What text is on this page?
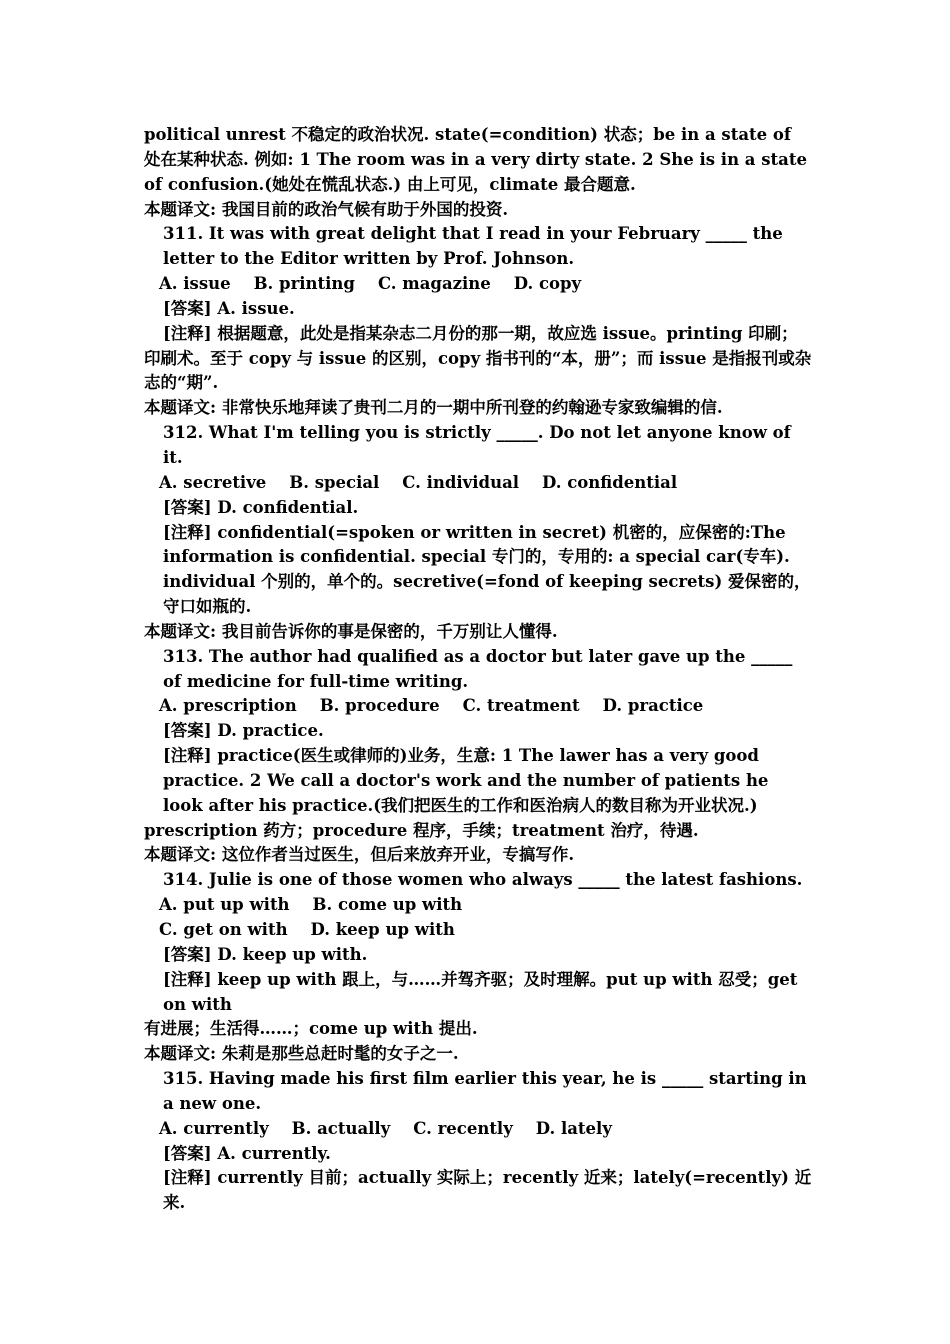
political unrest 不稳定的政治状况. state(=condition) 状态；be in a state of 处在某种状态. 例如: 1 The room was in a very dirty state. 2 She is in a state of confusion.(她处在慌乱状态.) 由上可见，climate 最合题意.

本题译文: 我国目前的政治气候有助于外国的投资.

311. It was with great delight that I read in your February _____ the letter to the Editor written by Prof. Johnson.

A. issue    B. printing    C. magazine    D. copy

[答案] A. issue.

[注释] 根据题意，此处是指某杂志二月份的那一期，故应选 issue。printing 印刷；

印刷术。至于 copy 与 issue 的区别，copy 指书刊的“本，册”；而 issue 是指报刊或杂志的“期”.

本题译文: 非常快乐地拜读了贵刊二月的一期中所刊登的约翰逊专家致编辑的信.

312. What I'm telling you is strictly _____. Do not let anyone know of it.

A. secretive    B. special    C. individual    D. confidential

[答案] D. confidential.

[注释] confidential(=spoken or written in secret) 机密的，应保密的:The information is confidential. special 专门的，专用的: a special car(专车). individual 个别的，单个的。secretive(=fond of keeping secrets) 爱保密的，守口如瓶的.

本题译文: 我目前告诉你的事是保密的，千万别让人懂得.

313. The author had qualified as a doctor but later gave up the _____ of medicine for full-time writing.

A. prescription    B. procedure    C. treatment    D. practice

[答案] D. practice.

[注释] practice(医生或律师的)业务，生意: 1 The lawer has a very good practice. 2 We call a doctor's work and the number of patients he look after his practice.(我们把医生的工作和医治病人的数目称为开业状况.)

prescription 药方；procedure 程序，手续；treatment 治疗，待遇.

本题译文: 这位作者当过医生，但后来放弃开业，专搞写作.

314. Julie is one of those women who always _____ the latest fashions.

A. put up with    B. come up with

C. get on with    D. keep up with

[答案] D. keep up with.

[注释] keep up with 跟上，与……并驾齐驱；及时理解。put up with 忍受；get on with

有进展；生活得……；come up with 提出.

本题译文: 朱莉是那些总赶时髦的女子之一.

315. Having made his first film earlier this year, he is _____ starting in a new one.

A. currently    B. actually    C. recently    D. lately

[答案] A. currently.

[注释] currently 目前；actually 实际上；recently 近来；lately(=recently) 近来.
